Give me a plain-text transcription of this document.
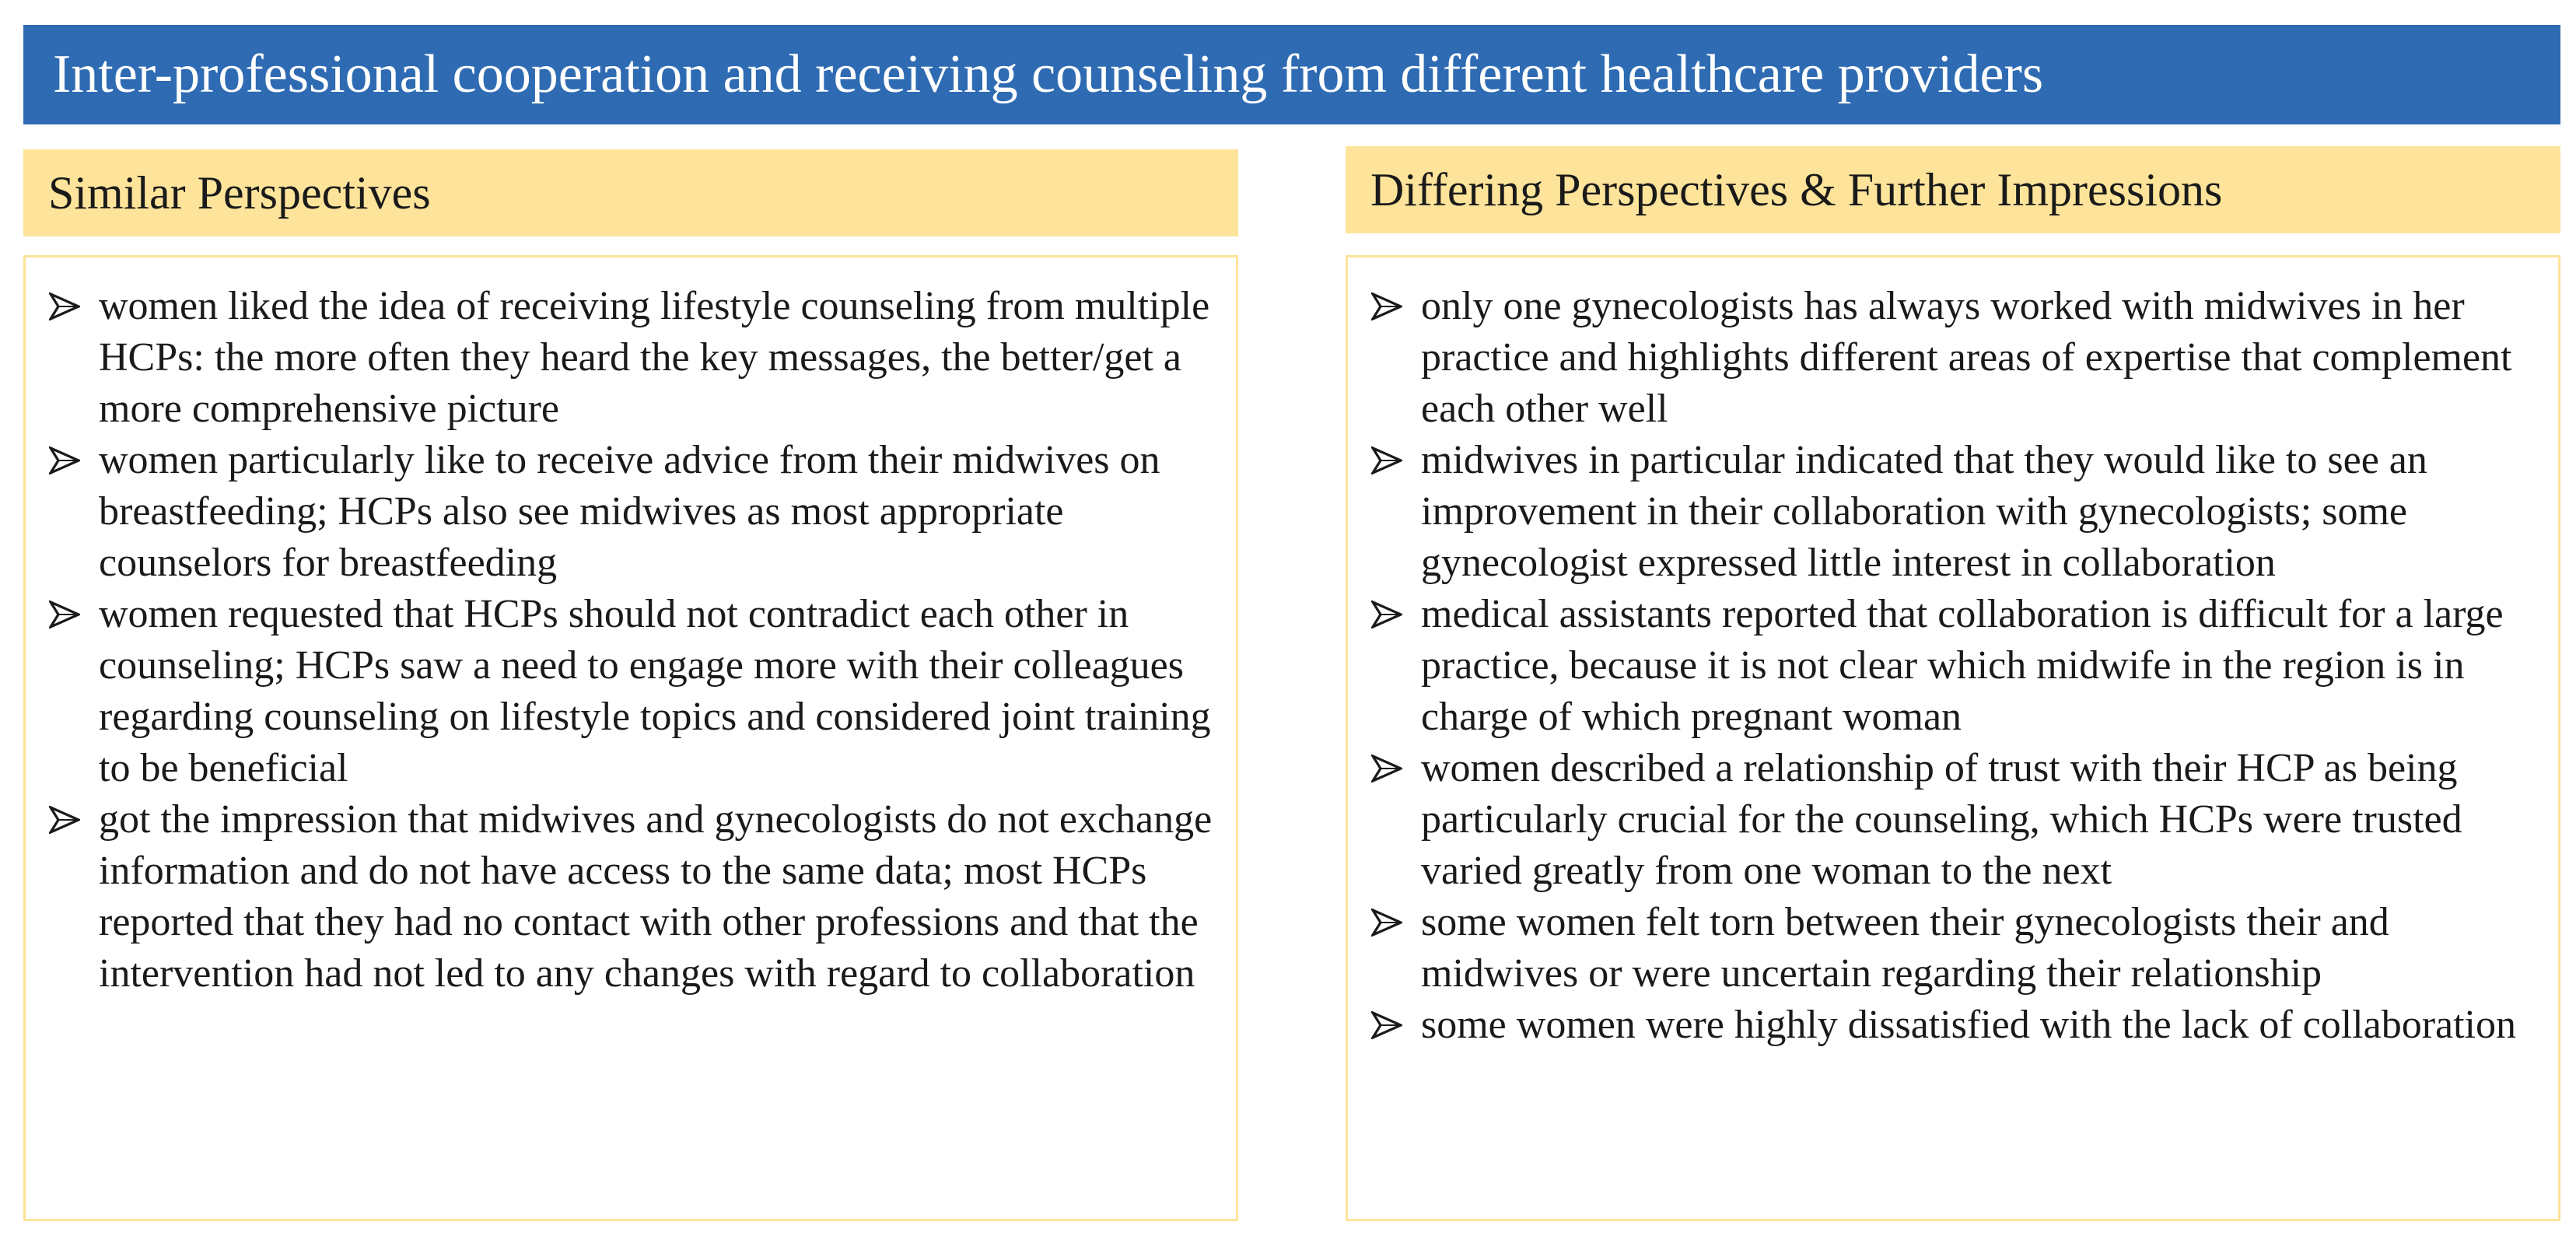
Inter-professional cooperation and receiving counseling from different healthcare providers
Similar Perspectives	Differing Perspectives & Further Impressions
women liked the idea of receiving lifestyle counseling from multiple HCPs: the more often they heard the key messages, the better/get a more comprehensive picture
women particularly like to receive advice from their midwives on breastfeeding; HCPs also see midwives as most appropriate counselors for breastfeeding
women requested that HCPs should not contradict each other in counseling; HCPs saw a need to engage more with their colleagues regarding counseling on lifestyle topics and considered joint training to be beneficial
got the impression that midwives and gynecologists do not exchange information and do not have access to the same data; most HCPs reported that they had no contact with other professions and that the intervention had not led to any changes with regard to collaboration
only one gynecologists has always worked with midwives in her practice and highlights different areas of expertise that complement each other well
midwives in particular indicated that they would like to see an improvement in their collaboration with gynecologists; some gynecologist expressed little interest in collaboration
medical assistants reported that collaboration is difficult for a large practice, because it is not clear which midwife in the region is in charge of which pregnant woman
women described a relationship of trust with their HCP as being particularly crucial for the counseling, which HCPs were trusted varied greatly from one woman to the next
some women felt torn between their gynecologists their and midwives or were uncertain regarding their relationship
some women were highly dissatisfied with the lack of collaboration
